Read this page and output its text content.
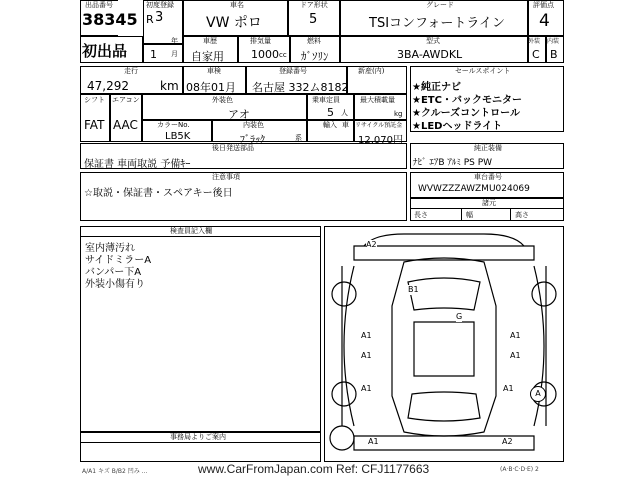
出品番号
38345
初度登録
R 3
車名
VW ポロ
ドア形状
5
グレード
TSIコンフォートライン
評価点
4
初出品 1
年
月
車歴
自家用
排気量
1000 cc
燃料
ｶﾞｿﾘﾝ
型式
3BA-AWDKL
外装
C
内装
B
走行
47,292	km
車検
08年01月
登録番号
名古屋 332ム8182
新産(内)	セールスポイント
★純正ナビ
★ETC・バックモニター
★クルーズコントロール
★LEDヘッドライト
シフト
FAT
エアコン
AAC
外装色
アオ
乗車定員
5 人
最大積載量
kg
カラーNo.
LB5K
内装色
ﾌﾞﾗｯｸ	系
輸入 車 リサイクル預託金
12,070円
純正装備
ﾅﾋﾞ ｴｱB ｱﾙﾐ PS PW
後日発送部品
保証書 車両取説 予備ｷｰ
車台番号
WVWZZZAWZMU024069
諸元
長さ	幅	高さ
注意事項
☆取説・保証書・スペアキー後日
検査員記入欄
室内薄汚れ
サイドミラーA
バンパー下A
外装小傷有り
事務局よりご案内
A2
B1
G
A1	A1
A1	A1
A1	A1
A
A1	A2
A/A1 キズ B/B2 凹み ...	www.CarFromJapan.com Ref: CFJ1177663	(A·B·C·D·E) 2
